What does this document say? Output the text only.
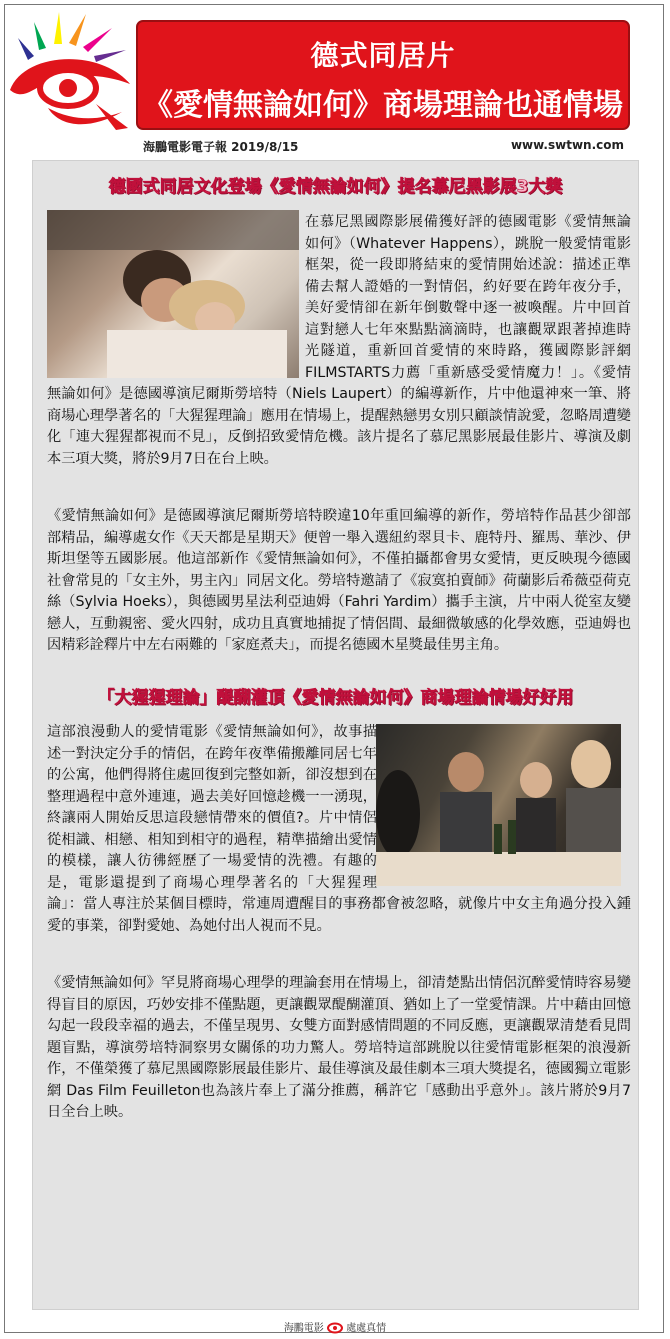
德式同居片
《愛情無論如何》商場理論也通情場
海鵬電影電子報 2019/8/15	www.swtwn.com
德國式同居文化登場《愛情無論如何》提名慕尼黑影展3大獎

在慕尼黑國際影展備獲好評的德國電影《愛情無論如何》（Whatever Happens），跳脫一般愛情電影框架，從一段即將結束的愛情開始述說：描述正準備去幫人證婚的一對情侶，約好要在跨年夜分手，美好愛情卻在新年倒數聲中逐一被喚醒。片中回首這對戀人七年來點點滴滴時，也讓觀眾跟著掉進時光隧道，重新回首愛情的來時路，獲國際影評網 FILMSTARTS力薦「重新感受愛情魔力！」。《愛情無論如何》是德國導演尼爾斯勞培特（Niels Laupert）的編導新作，片中他還神來一筆、將商場心理學著名的「大猩猩理論」應用在情場上，提醒熱戀男女別只顧談情說愛，忽略周遭變化「連大猩猩都視而不見」，反倒招致愛情危機。該片提名了慕尼黑影展最佳影片、導演及劇本三項大獎，將於9月7日在台上映。

《愛情無論如何》是德國導演尼爾斯勞培特睽違10年重回編導的新作，勞培特作品甚少卻部部精品，編導處女作《天天都是星期天》便曾一舉入選紐約翠貝卡、鹿特丹、羅馬、華沙、伊斯坦堡等五國影展。他這部新作《愛情無論如何》，不僅拍攝都會男女愛情，更反映現今德國社會常見的「女主外，男主內」同居文化。勞培特邀請了《寂寞拍賣師》荷蘭影后希薇亞荷克絲（Sylvia Hoeks），與德國男星法利亞迪姆（Fahri Yardim）攜手主演，片中兩人從室友變戀人，互動親密、愛火四射，成功且真實地捕捉了情侶間、最細微敏感的化學效應，亞迪姆也因精彩詮釋片中左右兩難的「家庭煮夫」，而提名德國木星獎最佳男主角。

「大猩猩理論」醍醐灌頂《愛情無論如何》商場理論情場好好用

這部浪漫動人的愛情電影《愛情無論如何》，故事描述一對決定分手的情侶，在跨年夜準備搬離同居七年的公寓，他們得將住處回復到完整如新，卻沒想到在整理過程中意外連連，過去美好回憶趁機一一湧現，終讓兩人開始反思這段戀情帶來的價值?。片中情侶從相識、相戀、相知到相守的過程，精準描繪出愛情的模樣，讓人彷彿經歷了一場愛情的洗禮。有趣的是，電影還提到了商場心理學著名的「大猩猩理論」：當人專注於某個目標時，常連周遭醒目的事務都會被忽略，就像片中女主角過分投入鍾愛的事業，卻對愛她、為她付出人視而不見。

《愛情無論如何》罕見將商場心理學的理論套用在情場上，卻清楚點出情侶沉醉愛情時容易變得盲目的原因，巧妙安排不僅點題，更讓觀眾醍醐灌頂、猶如上了一堂愛情課。片中藉由回憶勾起一段段幸福的過去，不僅呈現男、女雙方面對感情問題的不同反應，更讓觀眾清楚看見問題盲點，導演勞培特洞察男女關係的功力驚人。勞培特這部跳脫以往愛情電影框架的浪漫新作，不僅榮獲了慕尼黑國際影展最佳影片、最佳導演及最佳劇本三項大獎提名，德國獨立電影網 Das Film Feuilleton也為該片奉上了滿分推薦，稱許它「感動出乎意外」。該片將於9月7日全台上映。

海鵬電影 處處真情
